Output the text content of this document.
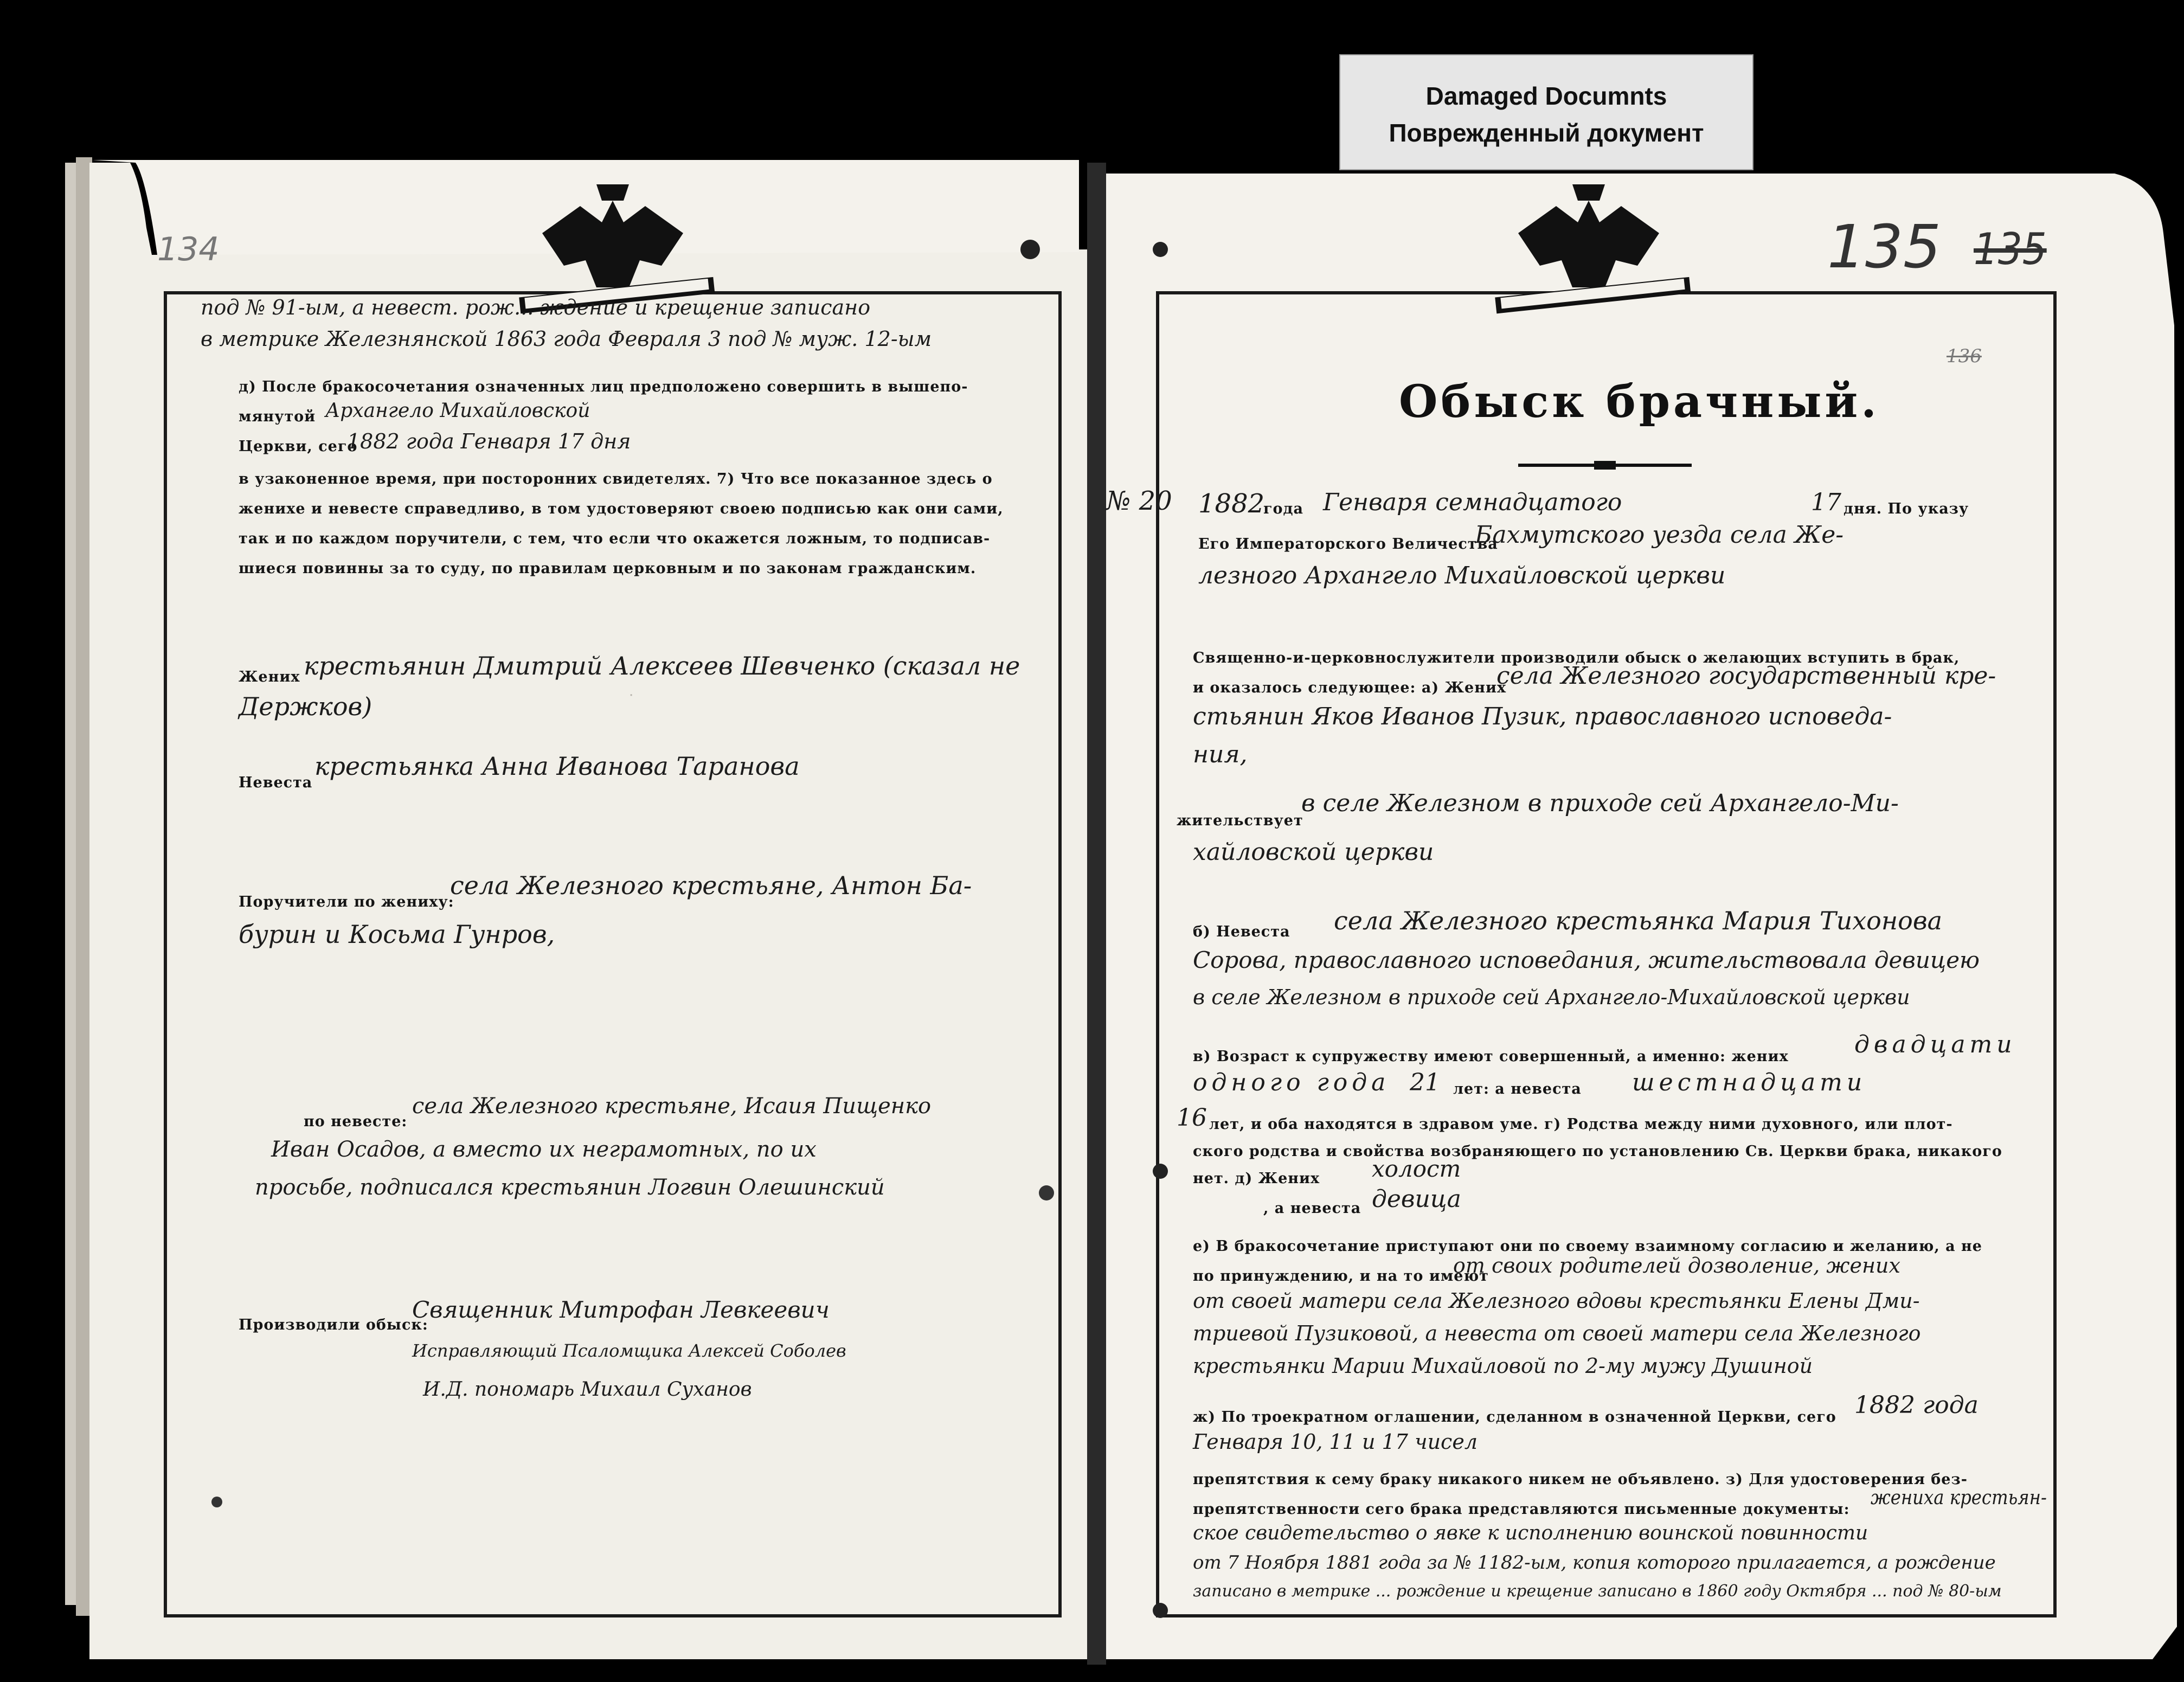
Damaged Documnts
Поврежденный документ
134
под № 91-ым, а невест. рож... ждение и крещение записано
в метрике Железнянской 1863 года Февраля 3 под № муж. 12-ым
д) После бракосочетания означенных лиц предположено совершить в вышепо-
мянутой Архангело Михайловской
Церкви, сего
1882 года Генваря 17 дня
в узаконенное время, при посторонних свидетелях. 7) Что все показанное здесь о
женихе и невесте справедливо, в том удостоверяют своею подписью как они сами,
так и по каждом поручители, с тем, что если что окажется ложным, то подписав-
шиеся повинны за то суду, по правилам церковным и по законам гражданским.
.
Жених крестьянин Дмитрий Алексеев Шевченко (сказал не
Держков)
Невеста
крестьянка Анна Иванова Таранова
Поручители по жениху:
села Железного крестьяне, Антон Ба-
бурин и Косьма Гунров,
по невесте:
села Железного крестьяне, Исаия Пищенко
Иван Осадов, а вместо их неграмотных, по их
просьбе, подписался крестьянин Логвин Олешинский
Производили обыск:
Священник Митрофан Левкеевич
Исправляющий Псаломщика Алексей Соболев
И.Д. пономарь Михаил Суханов
135 135
136
Обыск брачный.
№ 20 1882
года Генваря семнадцатого	17 дня. По указу
Его Императорского Величества
Бахмутского уезда села Же-
лезного Архангело Михайловской церкви
Священно-и-церковнослужители производили обыск о желающих вступить в брак,
и оказалось следующее: а) Жених
села Железного государственный кре-
стьянин Яков Иванов Пузик, православного исповеда-
ния,
жительствует
в селе Железном в приходе сей Архангело-Ми-
хайловской церкви
б) Невеста села Железного крестьянка Мария Тихонова
Сорова, православного исповедания, жительствовала девицею
в селе Железном в приходе сей Архангело-Михайловской церкви
в) Возраст к супружеству имеют совершенный, а именно: жених	двадцати
одного года 21 лет: а невеста шестнадцати
16 лет, и оба находятся в здравом уме. г) Родства между ними духовного, или плот-
ского родства и свойства возбраняющего по установлению Св. Церкви брака, никакого
нет. д) Жених холост
, а невеста девица
е) В бракосочетание приступают они по своему взаимному согласию и желанию, а не
по принуждению, и на то имеют
от своих родителей дозволение, жених
от своей матери села Железного вдовы крестьянки Елены Дми-
триевой Пузиковой, а невеста от своей матери села Железного
крестьянки Марии Михайловой по 2-му мужу Душиной
ж) По троекратном оглашении, сделанном в означенной Церкви, сего 1882 года
Генваря 10, 11 и 17 чисел
препятствия к сему браку никакого никем не объявлено. з) Для удостоверения без-
препятственности сего брака представляются письменные документы:
жениха крестьян-
ское свидетельство о явке к исполнению воинской повинности
от 7 Ноября 1881 года за № 1182-ым, копия которого прилагается, а рождение
записано в метрике ... рождение и крещение записано в 1860 году Октября ... под № 80-ым
